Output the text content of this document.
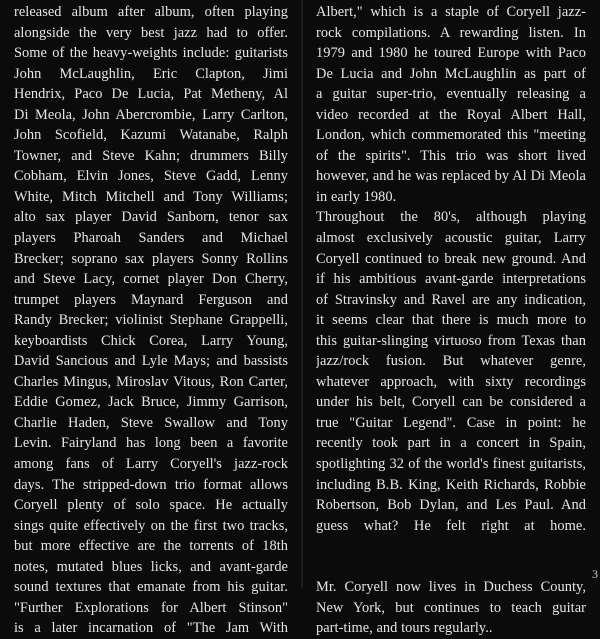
released album after album, often playing
alongside the very best jazz had to offer.
Some of the heavy-weights include: guitarists
John McLaughlin, Eric Clapton, Jimi
Hendrix, Paco De Lucia, Pat Metheny, Al
Di Meola, John Abercrombie, Larry Carlton,
John Scofield, Kazumi Watanabe, Ralph
Towner, and Steve Kahn; drummers Billy
Cobham, Elvin Jones, Steve Gadd, Lenny
White, Mitch Mitchell and Tony Williams;
alto sax player David Sanborn, tenor sax
players Pharoah Sanders and Michael
Brecker; soprano sax players Sonny Rollins
and Steve Lacy, cornet player Don Cherry,
trumpet players Maynard Ferguson and
Randy Brecker; violinist Stephane Grappelli,
keyboardists Chick Corea, Larry Young,
David Sancious and Lyle Mays; and bassists
Charles Mingus, Miroslav Vitous, Ron Carter,
Eddie Gomez, Jack Bruce, Jimmy Garrison,
Charlie Haden, Steve Swallow and Tony
Levin. Fairyland has long been a favorite
among fans of Larry Coryell's jazz-rock
days. The stripped-down trio format allows
Coryell plenty of solo space. He actually
sings quite effectively on the first two tracks,
but more effective are the torrents of 18th
notes, mutated blues licks, and avant-garde
sound textures that emanate from his guitar.
"Further Explorations for Albert Stinson"
is a later incarnation of "The Jam With
Albert," which is a staple of Coryell jazz-
rock compilations. A rewarding listen. In
1979 and 1980 he toured Europe with Paco
De Lucia and John McLaughlin as part of
a guitar super-trio, eventually releasing a
video recorded at the Royal Albert Hall,
London, which commemorated this "meeting
of the spirits". This trio was short lived
however, and he was replaced by Al Di Meola
in early 1980.
Throughout the 80's, although playing
almost exclusively acoustic guitar, Larry
Coryell continued to break new ground. And
if his ambitious avant-garde interpretations
of Stravinsky and Ravel are any indication,
it seems clear that there is much more to
this guitar-slinging virtuoso from Texas than
jazz/rock fusion. But whatever genre,
whatever approach, with sixty recordings
under his belt, Coryell can be considered a
true "Guitar Legend". Case in point: he
recently took part in a concert in Spain,
spotlighting 32 of the world's finest guitarists,
including B.B. King, Keith Richards, Robbie
Robertson, Bob Dylan, and Les Paul. And
guess what? He felt right at home.
Mr. Coryell now lives in Duchess County,
New York, but continues to teach guitar
part-time, and tours regularly..
3
